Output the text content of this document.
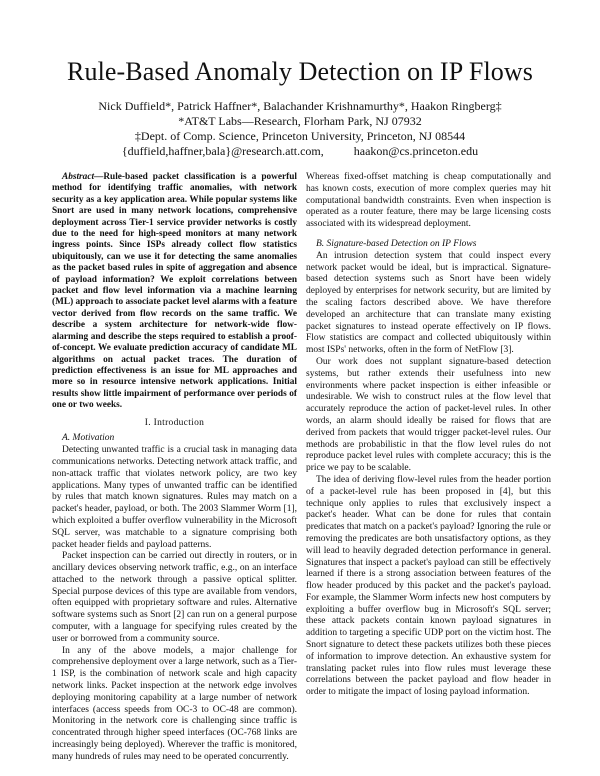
Rule-Based Anomaly Detection on IP Flows
Nick Duffield*, Patrick Haffner*, Balachander Krishnamurthy*, Haakon Ringberg‡
*AT&T Labs—Research, Florham Park, NJ 07932
‡Dept. of Comp. Science, Princeton University, Princeton, NJ 08544
{duffield,haffner,bala}@research.att.com,          haakon@cs.princeton.edu

Abstract—Rule-based packet classification is a powerful method for identifying traffic anomalies, with network security as a key application area. While popular systems like Snort are used in many network locations, comprehensive deployment across Tier-1 service provider networks is costly due to the need for high-speed monitors at many network ingress points. Since ISPs already collect flow statistics ubiquitously, can we use it for detecting the same anomalies as the packet based rules in spite of aggregation and absence of payload information? We exploit correlations between packet and flow level information via a machine learning (ML) approach to associate packet level alarms with a feature vector derived from flow records on the same traffic. We describe a system architecture for network-wide flow-alarming and describe the steps required to establish a proof-of-concept. We evaluate prediction accuracy of candidate ML algorithms on actual packet traces. The duration of prediction effectiveness is an issue for ML approaches and more so in resource intensive network applications. Initial results show little impairment of performance over periods of one or two weeks.

I. Introduction

A. Motivation

Detecting unwanted traffic is a crucial task in managing data communications networks. Detecting network attack traffic, and non-attack traffic that violates network policy, are two key applications. Many types of unwanted traffic can be identified by rules that match known signatures. Rules may match on a packet's header, payload, or both. The 2003 Slammer Worm [1], which exploited a buffer overflow vulnerability in the Microsoft SQL server, was matchable to a signature comprising both packet header fields and payload patterns.

Packet inspection can be carried out directly in routers, or in ancillary devices observing network traffic, e.g., on an interface attached to the network through a passive optical splitter. Special purpose devices of this type are available from vendors, often equipped with proprietary software and rules. Alternative software systems such as Snort [2] can run on a general purpose computer, with a language for specifying rules created by the user or borrowed from a community source.

In any of the above models, a major challenge for comprehensive deployment over a large network, such as a Tier-1 ISP, is the combination of network scale and high capacity network links. Packet inspection at the network edge involves deploying monitoring capability at a large number of network interfaces (access speeds from OC-3 to OC-48 are common). Monitoring in the network core is challenging since traffic is concentrated through higher speed interfaces (OC-768 links are increasingly being deployed). Wherever the traffic is monitored, many hundreds of rules may need to be operated concurrently.

Whereas fixed-offset matching is cheap computationally and has known costs, execution of more complex queries may hit computational bandwidth constraints. Even when inspection is operated as a router feature, there may be large licensing costs associated with its widespread deployment.

B. Signature-based Detection on IP Flows

An intrusion detection system that could inspect every network packet would be ideal, but is impractical. Signature-based detection systems such as Snort have been widely deployed by enterprises for network security, but are limited by the scaling factors described above. We have therefore developed an architecture that can translate many existing packet signatures to instead operate effectively on IP flows. Flow statistics are compact and collected ubiquitously within most ISPs' networks, often in the form of NetFlow [3].

Our work does not supplant signature-based detection systems, but rather extends their usefulness into new environments where packet inspection is either infeasible or undesirable. We wish to construct rules at the flow level that accurately reproduce the action of packet-level rules. In other words, an alarm should ideally be raised for flows that are derived from packets that would trigger packet-level rules. Our methods are probabilistic in that the flow level rules do not reproduce packet level rules with complete accuracy; this is the price we pay to be scalable.

The idea of deriving flow-level rules from the header portion of a packet-level rule has been proposed in [4], but this technique only applies to rules that exclusively inspect a packet's header. What can be done for rules that contain predicates that match on a packet's payload? Ignoring the rule or removing the predicates are both unsatisfactory options, as they will lead to heavily degraded detection performance in general. Signatures that inspect a packet's payload can still be effectively learned if there is a strong association between features of the flow header produced by this packet and the packet's payload. For example, the Slammer Worm infects new host computers by exploiting a buffer overflow bug in Microsoft's SQL server; these attack packets contain known payload signatures in addition to targeting a specific UDP port on the victim host. The Snort signature to detect these packets utilizes both these pieces of information to improve detection. An exhaustive system for translating packet rules into flow rules must leverage these correlations between the packet payload and flow header in order to mitigate the impact of losing payload information.
